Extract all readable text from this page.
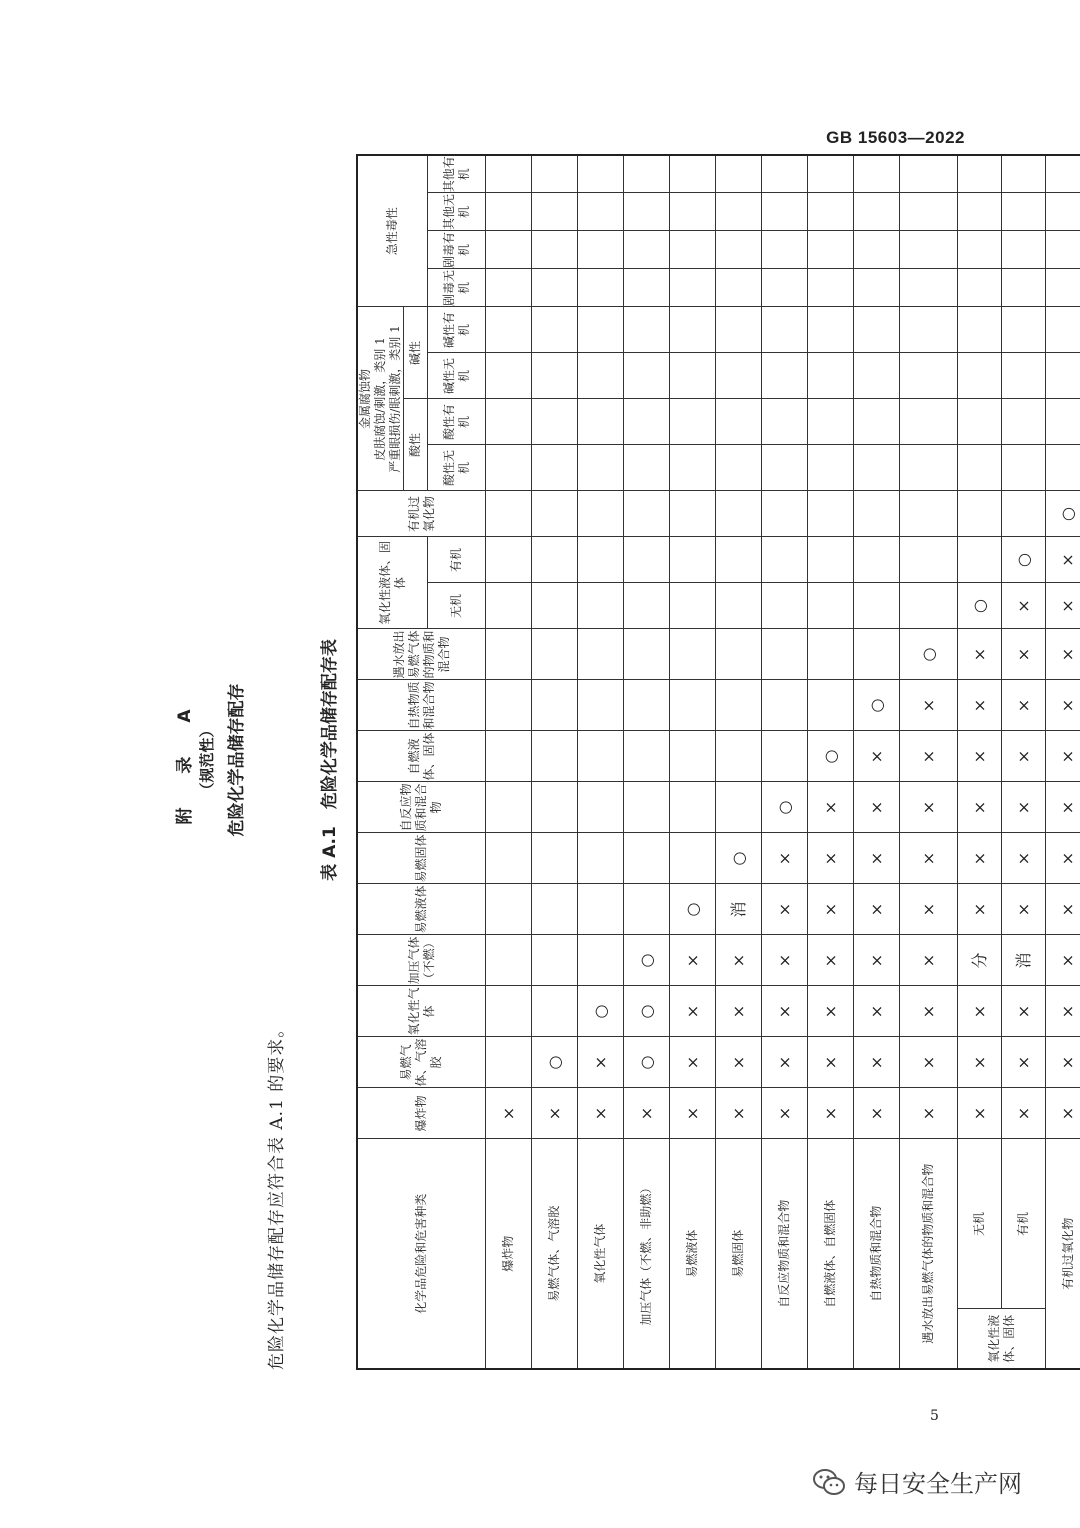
GB 15603—2022
附 录 A （规范性） 危险化学品储存配存
危险化学品储存配存应符合表 A.1 的要求。
表 A.1　危险化学品储存配存表
化学品危险和危害种类		爆炸物	易燃气体、气溶胶	氧化性气体	加压气体（不燃）	易燃液体	易燃固体	自反应物质和混合物	自燃液体、固体	自热物质和混合物	遇水放出易燃气体的物质和混合物	氧化性液体、固体		有机过氧化物	金属腐蚀物 皮肤腐蚀/刺激，类别 1 严重眼损伤/眼刺激，类别 1				急性毒性			
															酸性		碱性					
												无机	有机		酸性无机	酸性有机	碱性无机	碱性有机	剧毒无机	剧毒有机	其他无机	其他有机
爆炸物		×																				
易燃气体、气溶胶		×	○																			
氧化性气体		×	×	○																		
加压气体（不燃、非助燃）		×	○	○	○																	
易燃液体		×	×	×	×	○																
易燃固体		×	×	×	×	消	○															
自反应物质和混合物		×	×	×	×	×	×	○														
自燃液体、自燃固体		×	×	×	×	×	×	×	○													
自热物质和混合物		×	×	×	×	×	×	×	×	○												
遇水放出易燃气体的物质和混合物		×	×	×	×	×	×	×	×	×	○											
氧化性液体、固体	无机	×	×	×	分	×	×	×	×	×	×	○										
	有机	×	×	×	消	×	×	×	×	×	×	×	○									
有机过氧化物		×	×	×	×	×	×	×	×	×	×	×	×	○								
5
每日安全生产网
